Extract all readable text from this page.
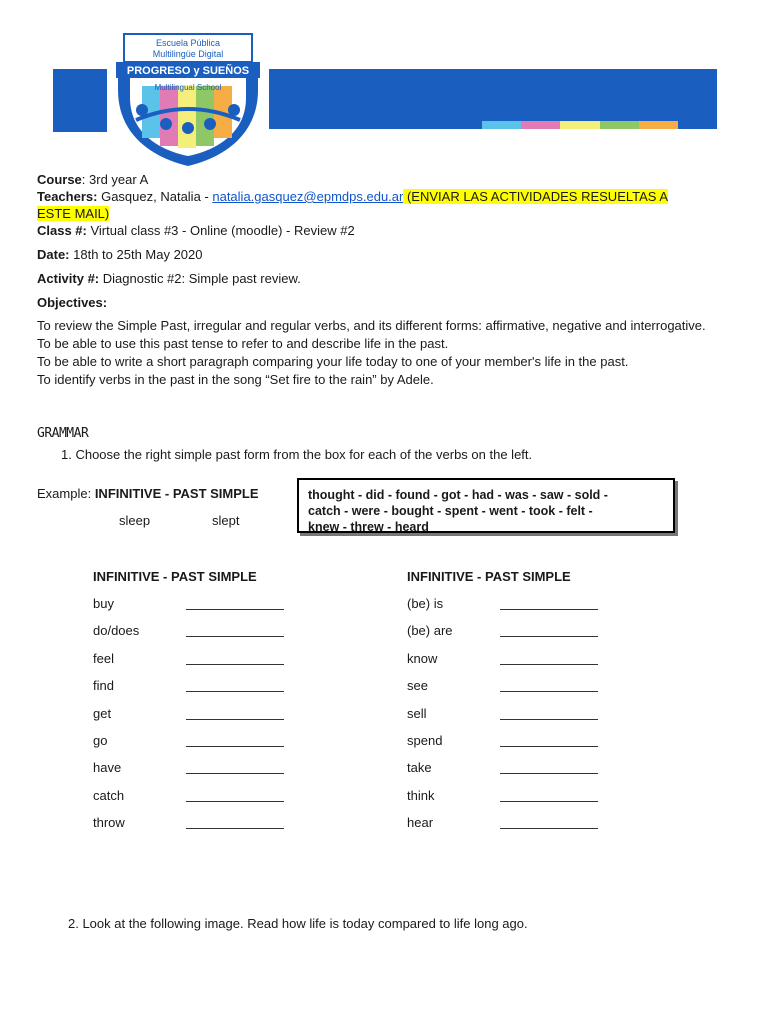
Escuela Pública
Multilingüe Digital
PROGRESO y SUEÑOS
Multilingual School
Course: 3rd year A
Teachers: Gasquez, Natalia - natalia.gasquez@epmdps.edu.ar (ENVIAR LAS ACTIVIDADES RESUELTAS A
ESTE MAIL)
Class #: Virtual class #3 - Online (moodle) - Review #2
Date: 18th to 25th May 2020
Activity #: Diagnostic #2: Simple past review.
Objectives:

To review the Simple Past, irregular and regular verbs, and its different forms: affirmative, negative and interrogative.

To be able to use this past tense to refer to and describe life in the past.

To be able to write a short paragraph comparing your life today to one of your member's life in the past.

To identify verbs in the past in the song “Set fire to the rain” by Adele.

GRAMMAR
1. Choose the right simple past form from the box for each of the verbs on the left.
Example: INFINITIVE - PAST SIMPLE
sleep	slept
thought - did - found - got - had - was - saw - sold -
catch - were - bought - spent - went - took - felt -
knew - threw - heard
INFINITIVE - PAST SIMPLE	INFINITIVE - PAST SIMPLE
buy
do/does
feel
find
get
go
have
catch
throw
(be) is
(be) are
know
see
sell
spend
take
think
hear
2. Look at the following image. Read how life is today compared to life long ago.
